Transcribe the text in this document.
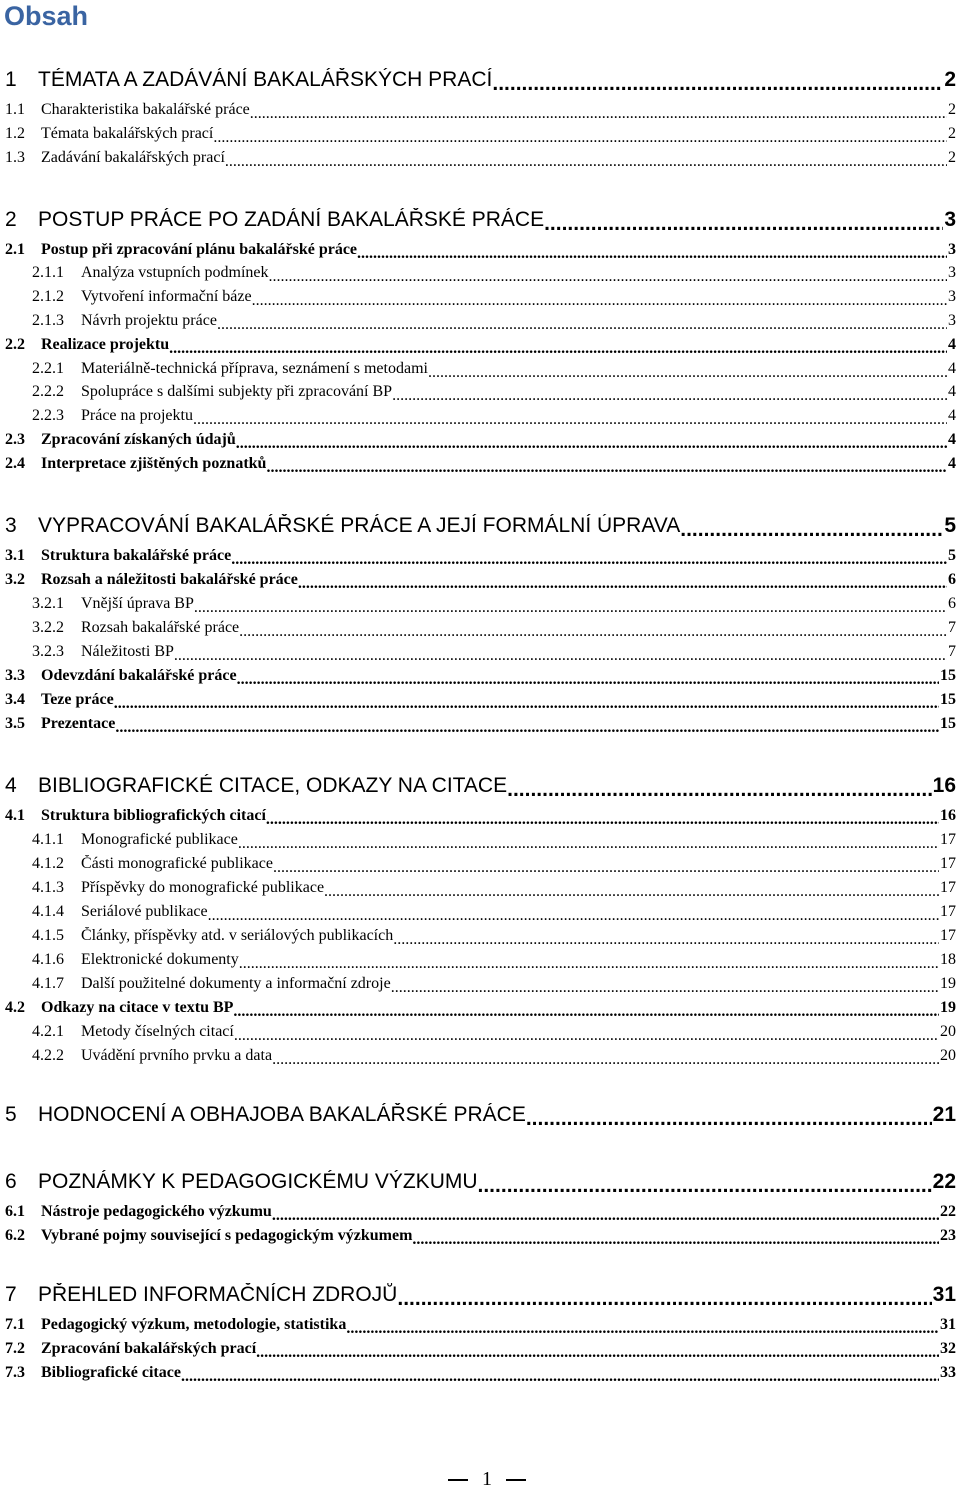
Obsah
1	TÉMATA A ZADÁVÁNÍ BAKALÁŘSKÝCH PRACÍ .....	2
1.1	Charakteristika bakalářské práce .....	2
1.2	Témata bakalářských prací .....	2
1.3	Zadávání bakalářských prací .....	2
2	POSTUP PRÁCE PO ZADÁNÍ BAKALÁŘSKÉ PRÁCE .....	3
2.1	Postup při zpracování plánu bakalářské práce .....	3
2.1.1	Analýza vstupních podmínek .....	3
2.1.2	Vytvoření informační báze .....	3
2.1.3	Návrh projektu práce .....	3
2.2	Realizace projektu .....	4
2.2.1	Materiálně-technická příprava, seznámení s metodami .....	4
2.2.2	Spolupráce s dalšími subjekty při zpracování BP .....	4
2.2.3	Práce na projektu .....	4
2.3	Zpracování získaných údajů .....	4
2.4	Interpretace zjištěných poznatků .....	4
3	VYPRACOVÁNÍ BAKALÁŘSKÉ PRÁCE A JEJÍ FORMÁLNÍ ÚPRAVA .....	5
3.1	Struktura bakalářské práce .....	5
3.2	Rozsah a náležitosti bakalářské práce .....	6
3.2.1	Vnější úprava BP .....	6
3.2.2	Rozsah bakalářské práce .....	7
3.2.3	Náležitosti BP .....	7
3.3	Odevzdání bakalářské práce .....	15
3.4	Teze práce .....	15
3.5	Prezentace .....	15
4	BIBLIOGRAFICKÉ CITACE, ODKAZY NA CITACE .....	16
4.1	Struktura bibliografických citací .....	16
4.1.1	Monografické publikace .....	17
4.1.2	Části monografické publikace .....	17
4.1.3	Příspěvky do monografické publikace .....	17
4.1.4	Seriálové publikace .....	17
4.1.5	Články, příspěvky atd. v seriálových publikacích .....	17
4.1.6	Elektronické dokumenty .....	18
4.1.7	Další použitelné dokumenty a informační zdroje .....	19
4.2	Odkazy na citace v textu BP .....	19
4.2.1	Metody číselných citací .....	20
4.2.2	Uvádění prvního prvku a data .....	20
5	HODNOCENÍ A OBHAJOBA BAKALÁŘSKÉ PRÁCE .....	21
6	POZNÁMKY K PEDAGOGICKÉMU VÝZKUMU .....	22
6.1	Nástroje pedagogického výzkumu .....	22
6.2	Vybrané pojmy související s pedagogickým výzkumem .....	23
7	PŘEHLED INFORMAČNÍCH ZDROJŮ .....	31
7.1	Pedagogický výzkum, metodologie, statistika .....	31
7.2	Zpracování bakalářských prací .....	32
7.3	Bibliografické citace .....	33
1
